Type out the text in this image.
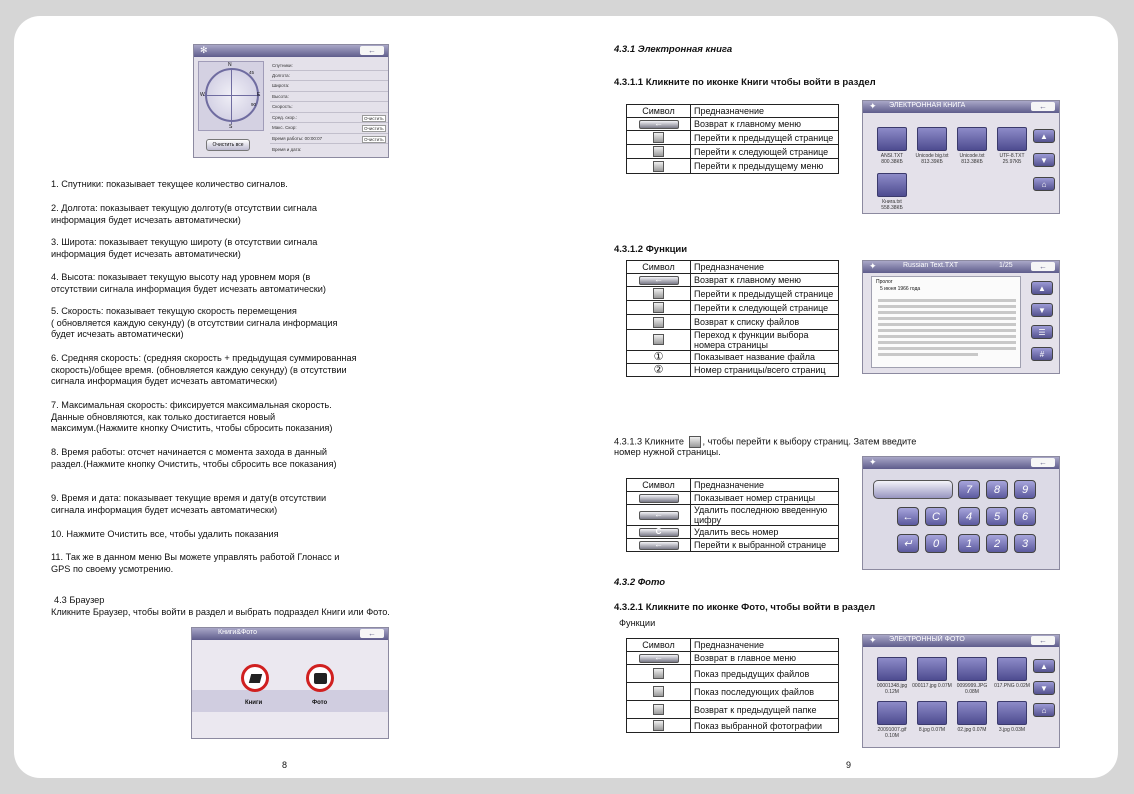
✻	←
N
S
E
W
45
90
Очистить все
Спутники:
Долгота:
Широта:
Высота:
Скорость:
Сред. скор.:
Макс. Скор:
Время работы: 00:00:07
Время и дата:
Очистить
Очистить
Очистить
1. Спутники: показывает текущее количество сигналов.
2. Долгота: показывает текущую долготу(в отсутствии сигнала
информация будет исчезать автоматически)
3. Широта: показывает текущую широту (в отсутствии сигнала
информация будет исчезать автоматически)
4. Высота: показывает текущую высоту над уровнем моря (в
отсутствии сигнала информация будет исчезать автоматически)
5. Скорость: показывает текущую скорость перемещения
( обновляется каждую секунду) (в отсутствии сигнала информация
будет исчезать автоматически)
6. Средняя скорость: (средняя скорость + предыдущая суммированная
скорость)/общее время. (обновляется каждую секунду) (в отсутствии
сигнала информация будет исчезать автоматически)
7. Максимальная скорость: фиксируется максимальная скорость.
Данные обновляются, как только достигается новый
максимум.(Нажмите кнопку Очистить, чтобы сбросить показания)
8. Время работы: отсчет начинается с момента захода в данный
раздел.(Нажмите кнопку Очистить, чтобы сбросить все показания)
9. Время и дата: показывает текущие время и дату(в отсутствии
сигнала информация будет исчезать автоматически)
10. Нажмите Очистить все, чтобы удалить показания
11. Так же в данном меню Вы можете управлять работой Глонасс и
GPS по своему усмотрению.
4.3 Браузер
Кликните Браузер, чтобы войти в раздел и выбрать подраздел Книги или Фото.
Книги&Фото	←
Книги	Фото
8
4.3.1 Электронная книга
4.3.1.1 Кликните по иконке Книги чтобы войти в раздел
Символ	Предназначение
←	Возврат к главному меню
	Перейти к предыдущей странице
	Перейти к следующей странице
	Перейти к предыдущему меню
✦ ЭЛЕКТРОННАЯ КНИГА	←
ANSI.TXT 800.38КБ
Unicode big.txt 813.39КБ
Unicode.txt 813.38КБ
UTF-8.TXT 25.97КБ
Книга.txt 558.38КБ
▲
▼
⌂
4.3.1.2 Функции
Символ	Предназначение
←	Возврат к главному меню
	Перейти к предыдущей странице
	Перейти к следующей странице
	Возврат к списку файлов
	Переход к функции выбора номера страницы
①	Показывает название файла
②	Номер страницы/всего страниц
✦	Russian Text.TXT	1/25	←
Пролог
5 июня 1966 года	▲
▼
☰
#
4.3.1.3 Кликните , чтобы перейти к выбору страниц. Затем введите
номер нужной страницы.
Символ	Предназначение
	Показывает номер страницы
←	Удалить последнюю введенную цифру
C	Удалить весь номер
←	Перейти к выбранной странице
✦	←
7	8	9
←	C	4	5	6
↵	0	1	2	3
4.3.2 Фото
4.3.2.1 Кликните по иконке Фото, чтобы войти в раздел
Функции
Символ	Предназначение
←	Возврат в главное меню
	Показ предыдущих файлов
	Показ последующих файлов
	Возврат к предыдущей папке
	Показ выбранной фотографии
✦ ЭЛЕКТРОННЫЙ ФОТО	←
00001348.jpg 0.12M
000117.jpg 0.07M 0099999.JPG 0.08M
017.PNG 0.02M
20091007.gif 0.10M
8.jpg 0.07M	02.jpg 0.07M	3.jpg 0.03M
▲
▼
⌂
9
